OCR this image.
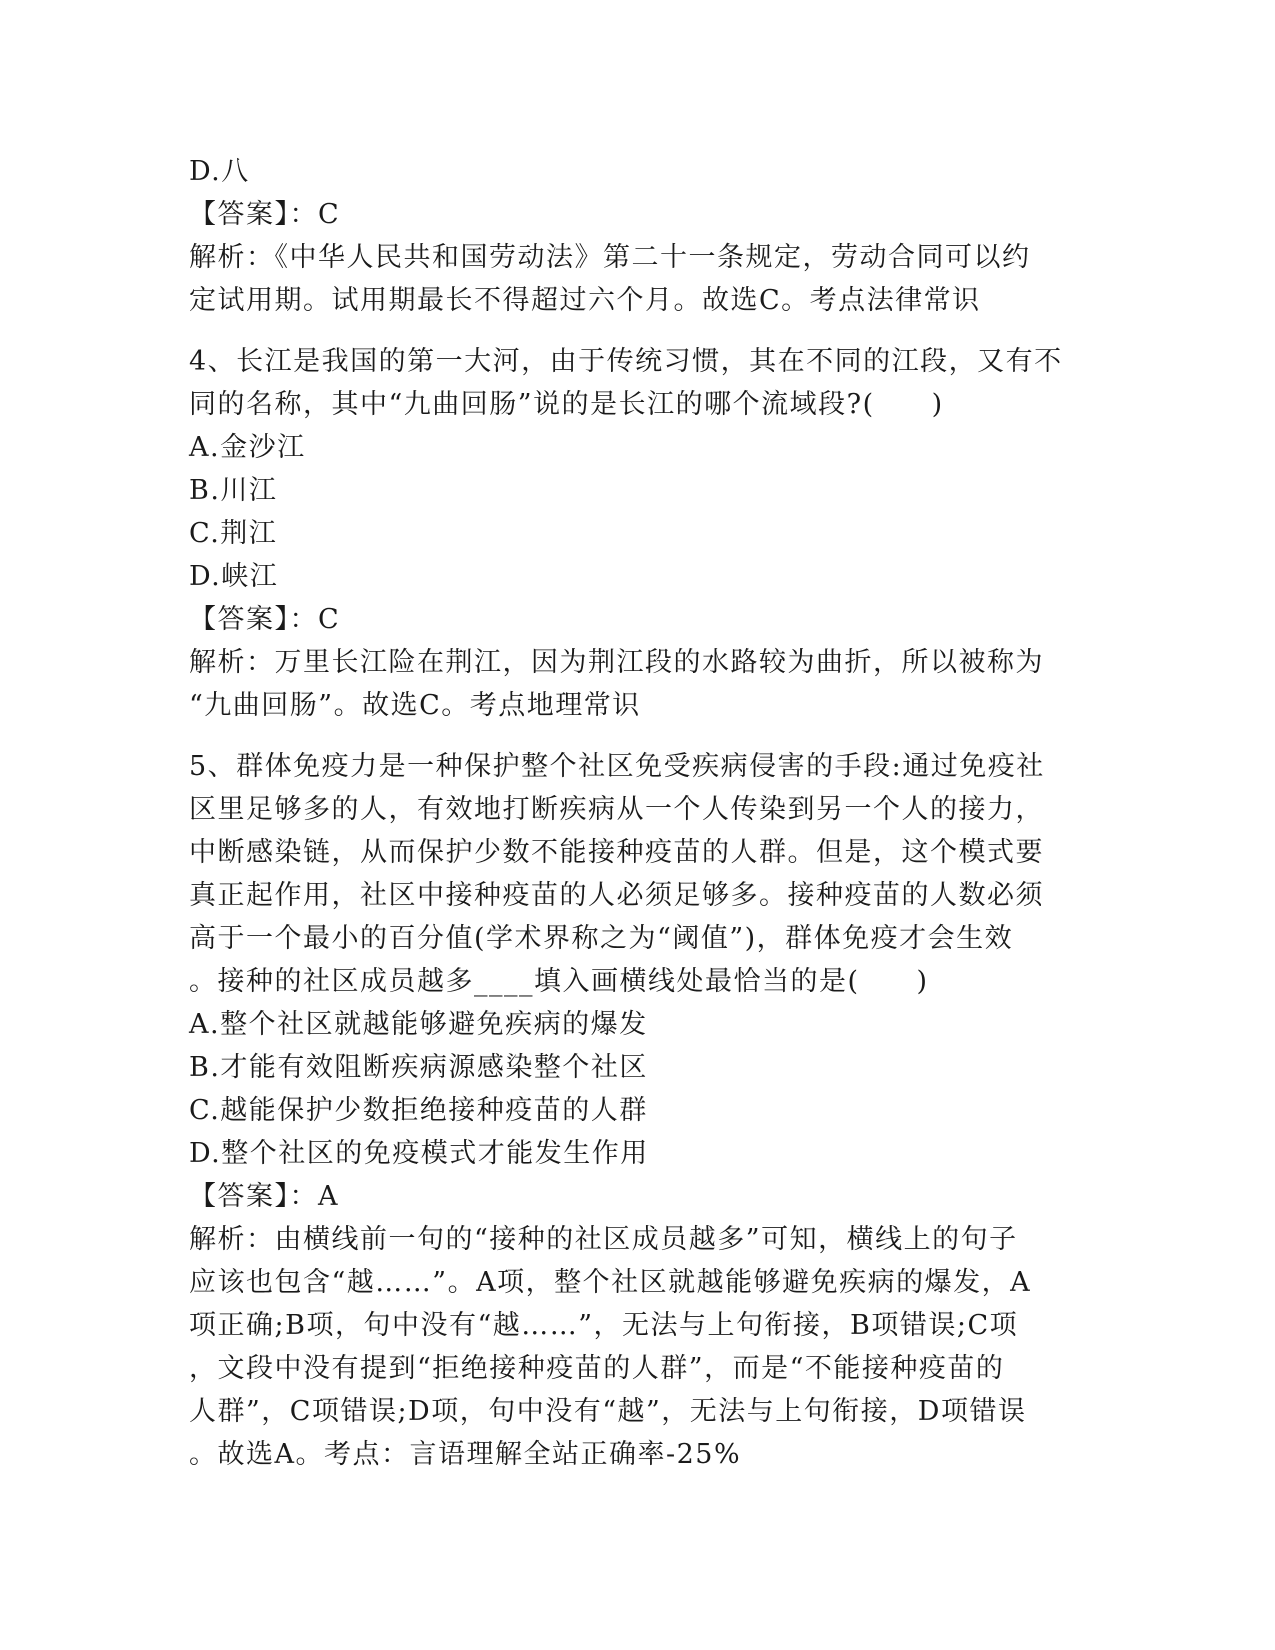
D.八

【答案】：C

解析：《中华人民共和国劳动法》第二十一条规定，劳动合同可以约

定试用期。试用期最长不得超过六个月。故选C。考点法律常识

4、长江是我国的第一大河，由于传统习惯，其在不同的江段，又有不

同的名称，其中“九曲回肠”说的是长江的哪个流域段?(　　)

A.金沙江

B.川江

C.荆江

D.峡江

【答案】：C

解析：万里长江险在荆江，因为荆江段的水路较为曲折，所以被称为

“九曲回肠”。故选C。考点地理常识

5、群体免疫力是一种保护整个社区免受疾病侵害的手段:通过免疫社

区里足够多的人，有效地打断疾病从一个人传染到另一个人的接力，

中断感染链，从而保护少数不能接种疫苗的人群。但是，这个模式要

真正起作用，社区中接种疫苗的人必须足够多。接种疫苗的人数必须

高于一个最小的百分值(学术界称之为“阈值”)，群体免疫才会生效

。接种的社区成员越多____填入画横线处最恰当的是(　　)

A.整个社区就越能够避免疾病的爆发

B.才能有效阻断疾病源感染整个社区

C.越能保护少数拒绝接种疫苗的人群

D.整个社区的免疫模式才能发生作用

【答案】：A

解析：由横线前一句的“接种的社区成员越多”可知，横线上的句子

应该也包含“越……”。A项，整个社区就越能够避免疾病的爆发，A

项正确;B项，句中没有“越……”，无法与上句衔接，B项错误;C项

，文段中没有提到“拒绝接种疫苗的人群”，而是“不能接种疫苗的

人群”，C项错误;D项，句中没有“越”，无法与上句衔接，D项错误

。故选A。考点：言语理解全站正确率-25%
